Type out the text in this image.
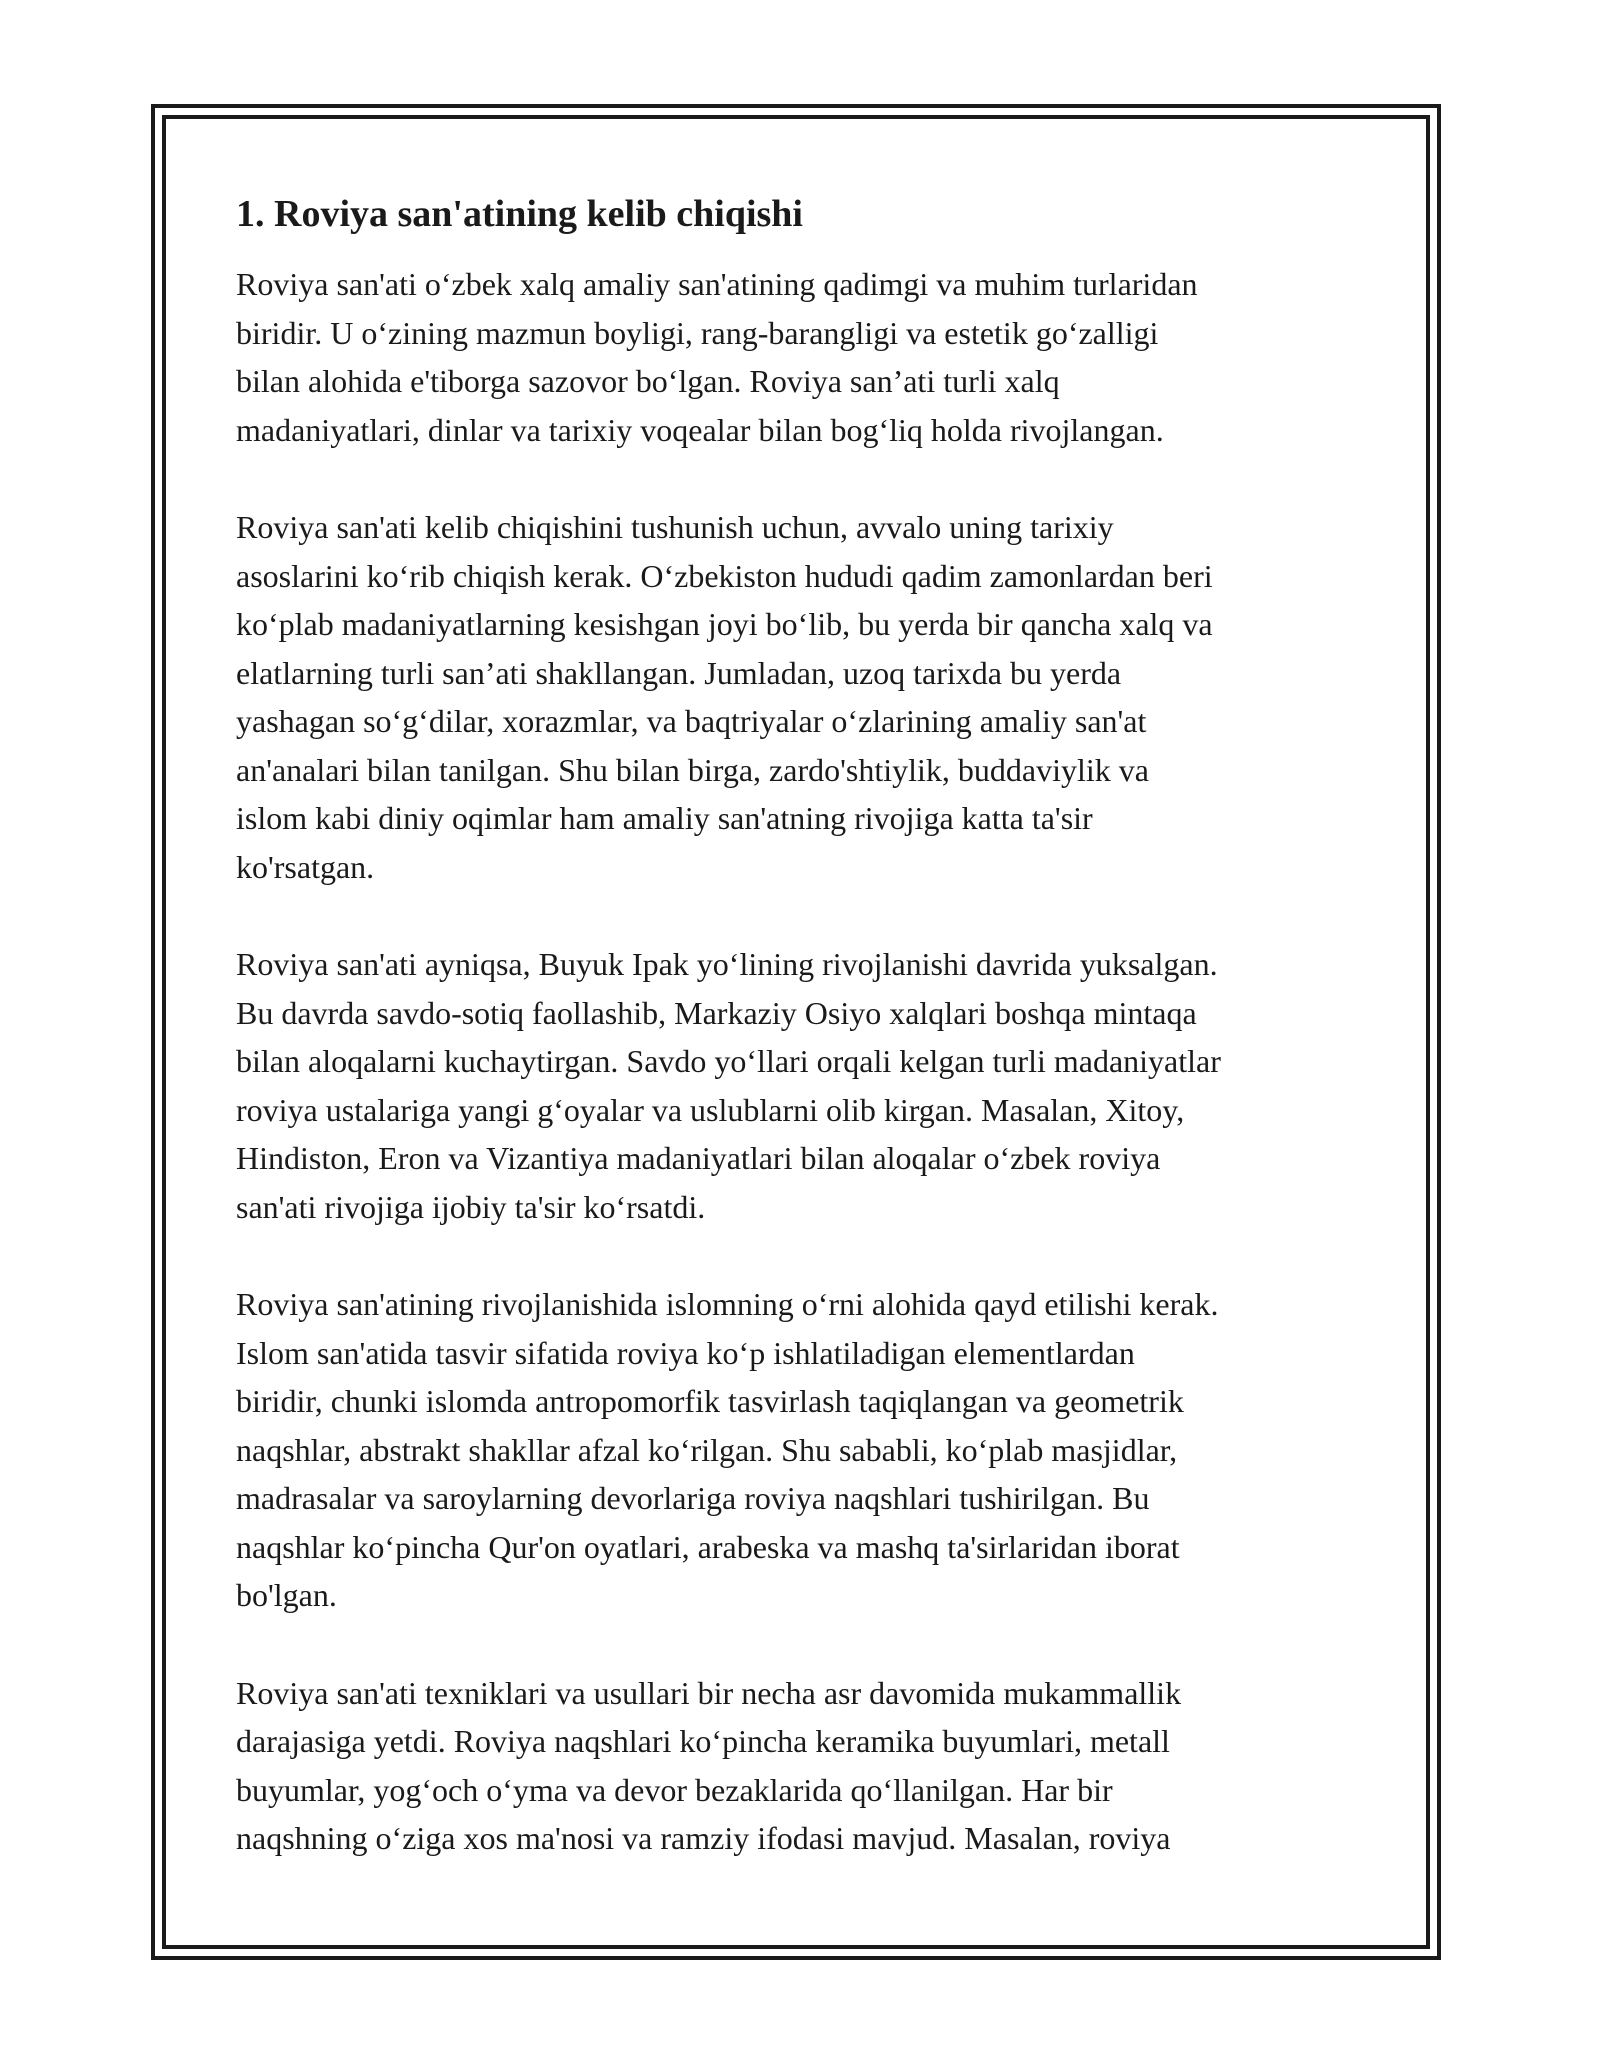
1. Roviya san'atining kelib chiqishi

Roviya san'ati o‘zbek xalq amaliy san'atining qadimgi va muhim turlaridan
biridir. U o‘zining mazmun boyligi, rang-barangligi va estetik go‘zalligi
bilan alohida e'tiborga sazovor bo‘lgan. Roviya san’ati turli xalq
madaniyatlari, dinlar va tarixiy voqealar bilan bog‘liq holda rivojlangan.

Roviya san'ati kelib chiqishini tushunish uchun, avvalo uning tarixiy
asoslarini ko‘rib chiqish kerak. O‘zbekiston hududi qadim zamonlardan beri
ko‘plab madaniyatlarning kesishgan joyi bo‘lib, bu yerda bir qancha xalq va
elatlarning turli san’ati shakllangan. Jumladan, uzoq tarixda bu yerda
yashagan so‘g‘dilar, xorazmlar, va baqtriyalar o‘zlarining amaliy san'at
an'analari bilan tanilgan. Shu bilan birga, zardo'shtiylik, buddaviylik va
islom kabi diniy oqimlar ham amaliy san'atning rivojiga katta ta'sir
ko'rsatgan.

Roviya san'ati ayniqsa, Buyuk Ipak yo‘lining rivojlanishi davrida yuksalgan.
Bu davrda savdo-sotiq faollashib, Markaziy Osiyo xalqlari boshqa mintaqa
bilan aloqalarni kuchaytirgan. Savdo yo‘llari orqali kelgan turli madaniyatlar
roviya ustalariga yangi g‘oyalar va uslublarni olib kirgan. Masalan, Xitoy,
Hindiston, Eron va Vizantiya madaniyatlari bilan aloqalar o‘zbek roviya
san'ati rivojiga ijobiy ta'sir ko‘rsatdi.

Roviya san'atining rivojlanishida islomning o‘rni alohida qayd etilishi kerak.
Islom san'atida tasvir sifatida roviya ko‘p ishlatiladigan elementlardan
biridir, chunki islomda antropomorfik tasvirlash taqiqlangan va geometrik
naqshlar, abstrakt shakllar afzal ko‘rilgan. Shu sababli, ko‘plab masjidlar,
madrasalar va saroylarning devorlariga roviya naqshlari tushirilgan. Bu
naqshlar ko‘pincha Qur'on oyatlari, arabeska va mashq ta'sirlaridan iborat
bo'lgan.

Roviya san'ati texniklari va usullari bir necha asr davomida mukammallik
darajasiga yetdi. Roviya naqshlari ko‘pincha keramika buyumlari, metall
buyumlar, yog‘och o‘yma va devor bezaklarida qo‘llanilgan. Har bir
naqshning o‘ziga xos ma'nosi va ramziy ifodasi mavjud. Masalan, roviya
